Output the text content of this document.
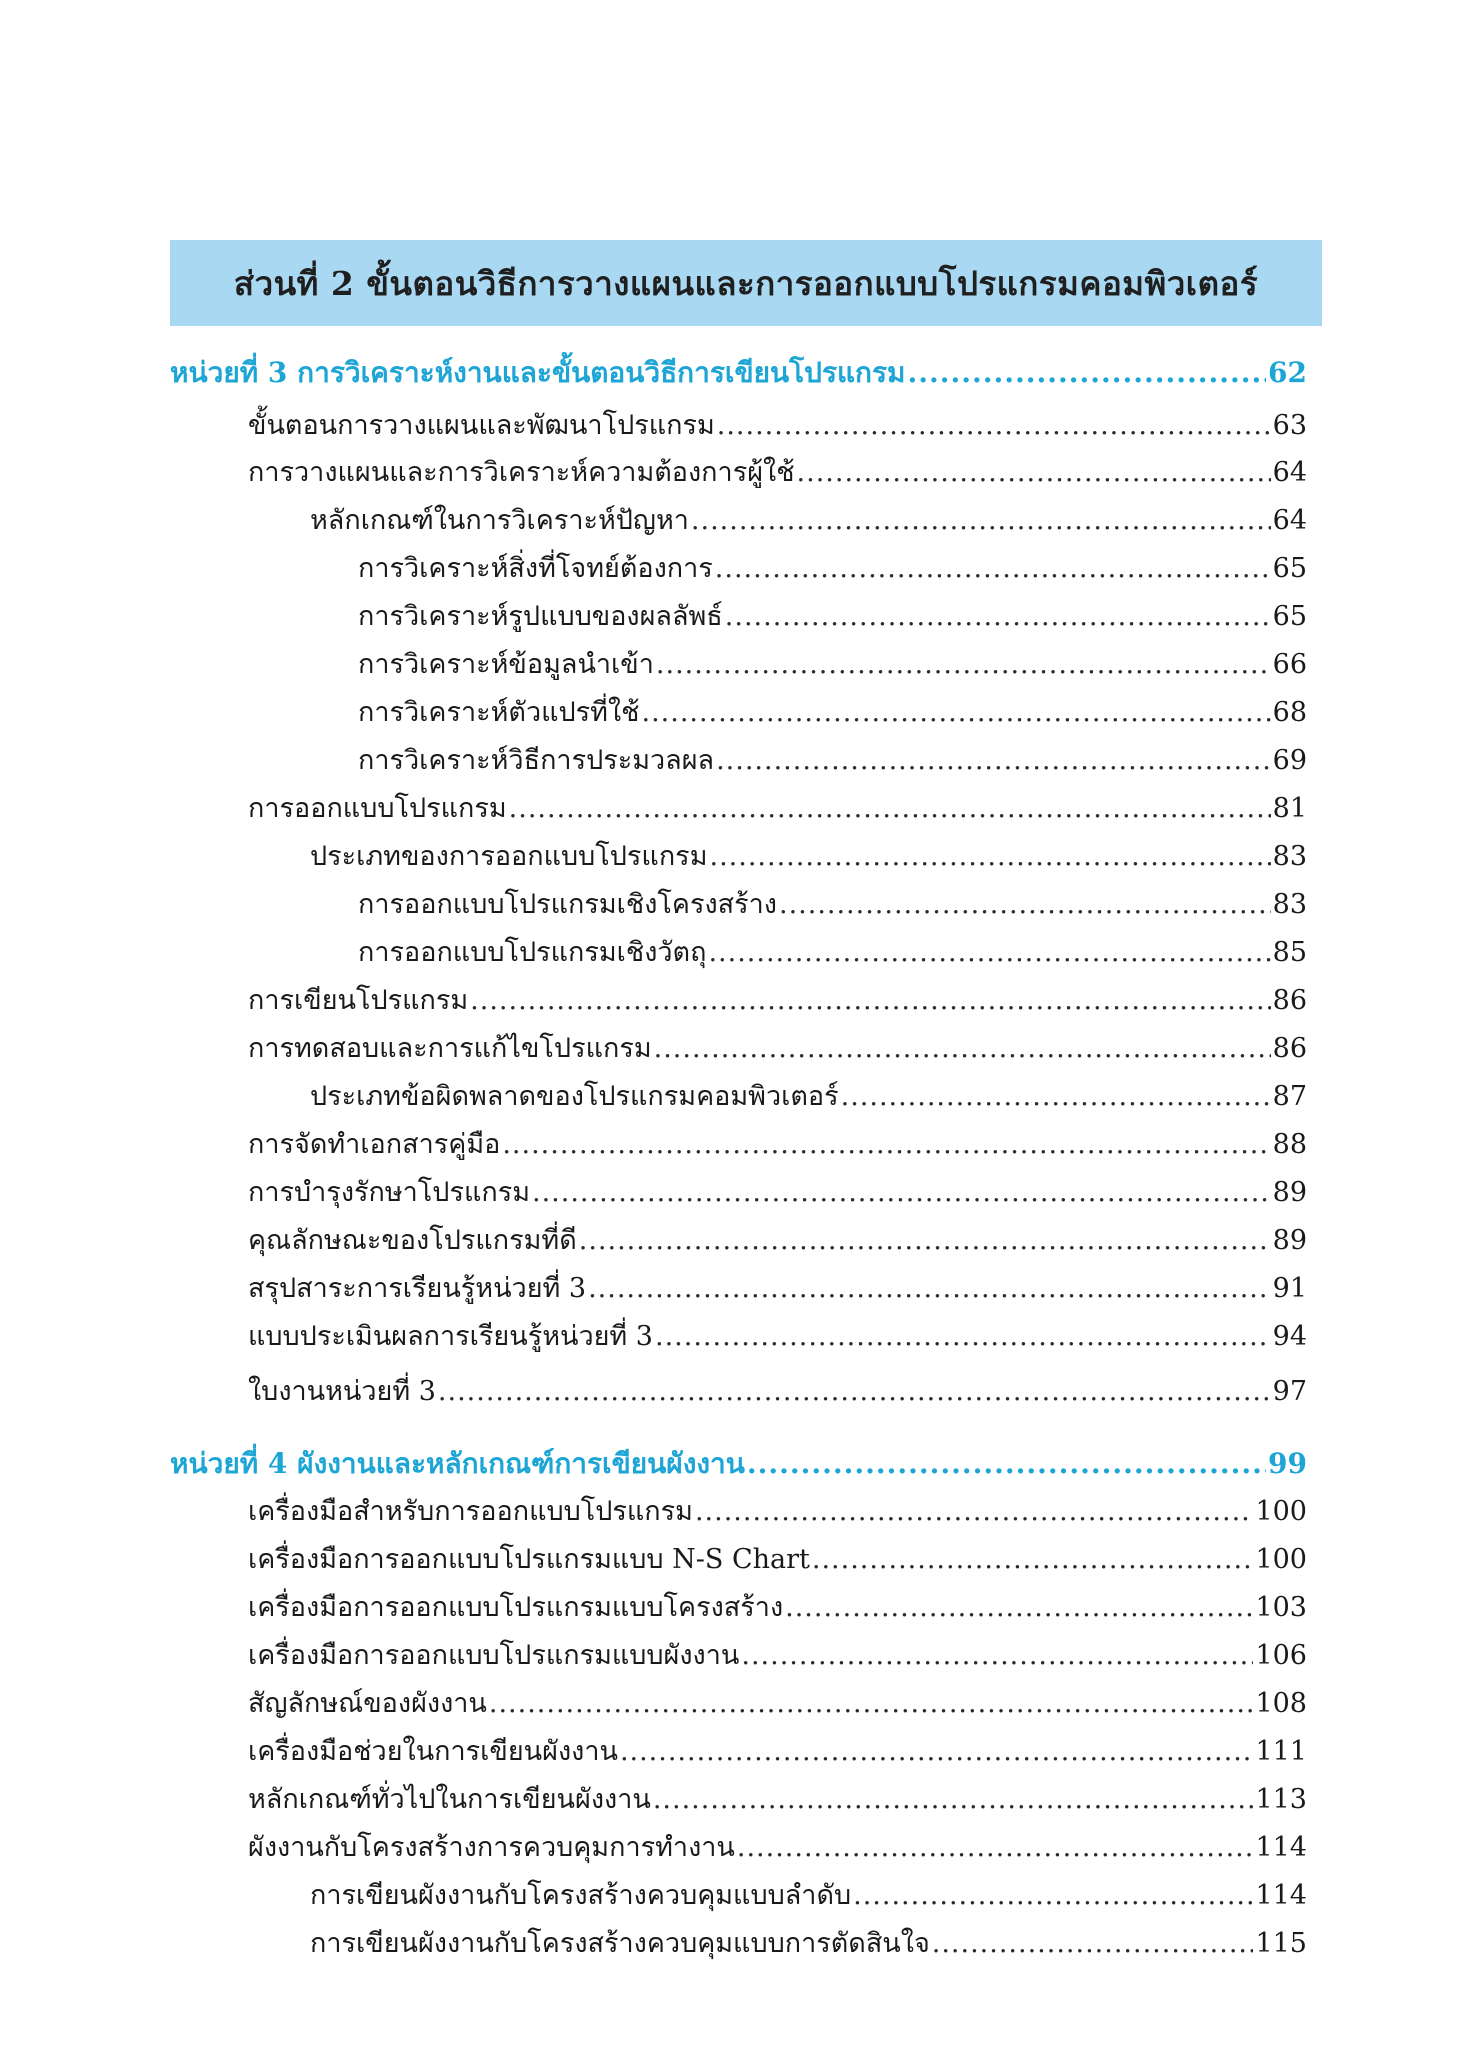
ส่วนที่ 2 ขั้นตอนวิธีการวางแผนและการออกแบบโปรแกรมคอมพิวเตอร์
หน่วยที่ 3 การวิเคราะห์งานและขั้นตอนวิธีการเขียนโปรแกรม .....	62
ขั้นตอนการวางแผนและพัฒนาโปรแกรม .....	63
การวางแผนและการวิเคราะห์ความต้องการผู้ใช้ .....	64
หลักเกณฑ์ในการวิเคราะห์ปัญหา .....	64
การวิเคราะห์สิ่งที่โจทย์ต้องการ .....	65
การวิเคราะห์รูปแบบของผลลัพธ์ .....	65
การวิเคราะห์ข้อมูลนำเข้า .....	66
การวิเคราะห์ตัวแปรที่ใช้ .....	68
การวิเคราะห์วิธีการประมวลผล .....	69
การออกแบบโปรแกรม .....	81
ประเภทของการออกแบบโปรแกรม .....	83
การออกแบบโปรแกรมเชิงโครงสร้าง .....	83
การออกแบบโปรแกรมเชิงวัตถุ .....	85
การเขียนโปรแกรม .....	86
การทดสอบและการแก้ไขโปรแกรม .....	86
ประเภทข้อผิดพลาดของโปรแกรมคอมพิวเตอร์ .....	87
การจัดทำเอกสารคู่มือ .....	88
การบำรุงรักษาโปรแกรม .....	89
คุณลักษณะของโปรแกรมที่ดี .....	89
สรุปสาระการเรียนรู้หน่วยที่ 3 .....	91
แบบประเมินผลการเรียนรู้หน่วยที่ 3 .....	94
ใบงานหน่วยที่ 3 .....	97
หน่วยที่ 4 ผังงานและหลักเกณฑ์การเขียนผังงาน .....	99
เครื่องมือสำหรับการออกแบบโปรแกรม .....	100
เครื่องมือการออกแบบโปรแกรมแบบ N-S Chart .....	100
เครื่องมือการออกแบบโปรแกรมแบบโครงสร้าง .....	103
เครื่องมือการออกแบบโปรแกรมแบบผังงาน .....	106
สัญลักษณ์ของผังงาน .....	108
เครื่องมือช่วยในการเขียนผังงาน .....	111
หลักเกณฑ์ทั่วไปในการเขียนผังงาน .....	113
ผังงานกับโครงสร้างการควบคุมการทำงาน .....	114
การเขียนผังงานกับโครงสร้างควบคุมแบบลำดับ .....	114
การเขียนผังงานกับโครงสร้างควบคุมแบบการตัดสินใจ .....	115
